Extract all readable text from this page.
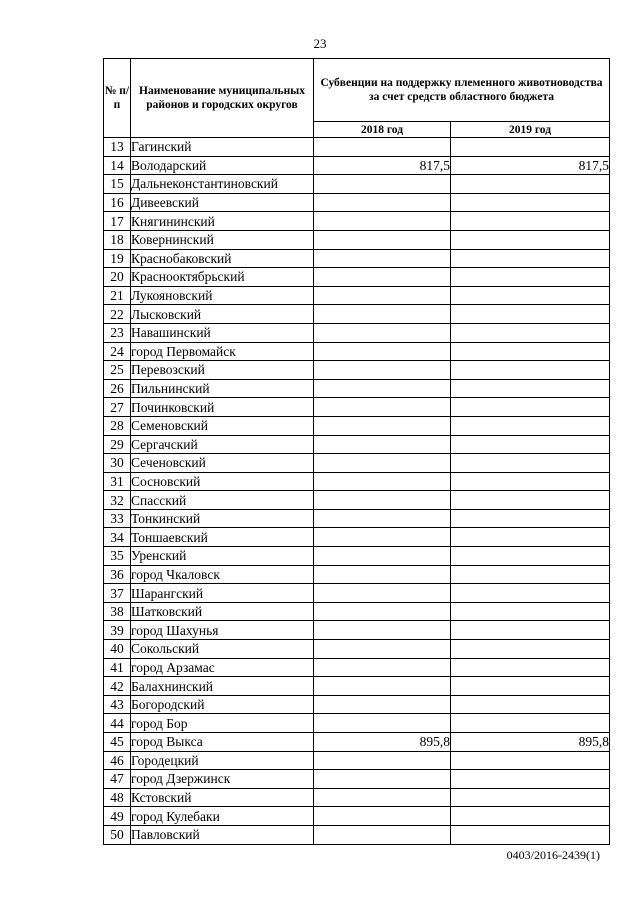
23
№ п/п	Наименование муниципальных районов и городских округов	Субвенции на поддержку племенного животноводства за счет средств областного бюджета	
		2018 год	2019 год
13	Гагинский		
14	Володарский	817,5	817,5
15	Дальнеконстантиновский		
16	Дивеевский		
17	Княгининский		
18	Ковернинский		
19	Краснобаковский		
20	Краснооктябрьский		
21	Лукояновский		
22	Лысковский		
23	Навашинский		
24	город Первомайск		
25	Перевозский		
26	Пильнинский		
27	Починковский		
28	Семеновский		
29	Сергачский		
30	Сеченовский		
31	Сосновский		
32	Спасский		
33	Тонкинский		
34	Тоншаевский		
35	Уренский		
36	город Чкаловск		
37	Шарангский		
38	Шатковский		
39	город Шахунья		
40	Сокольский		
41	город Арзамас		
42	Балахнинский		
43	Богородский		
44	город Бор		
45	город Выкса	895,8	895,8
46	Городецкий		
47	город Дзержинск		
48	Кстовский		
49	город Кулебаки		
50	Павловский		
0403/2016-2439(1)
